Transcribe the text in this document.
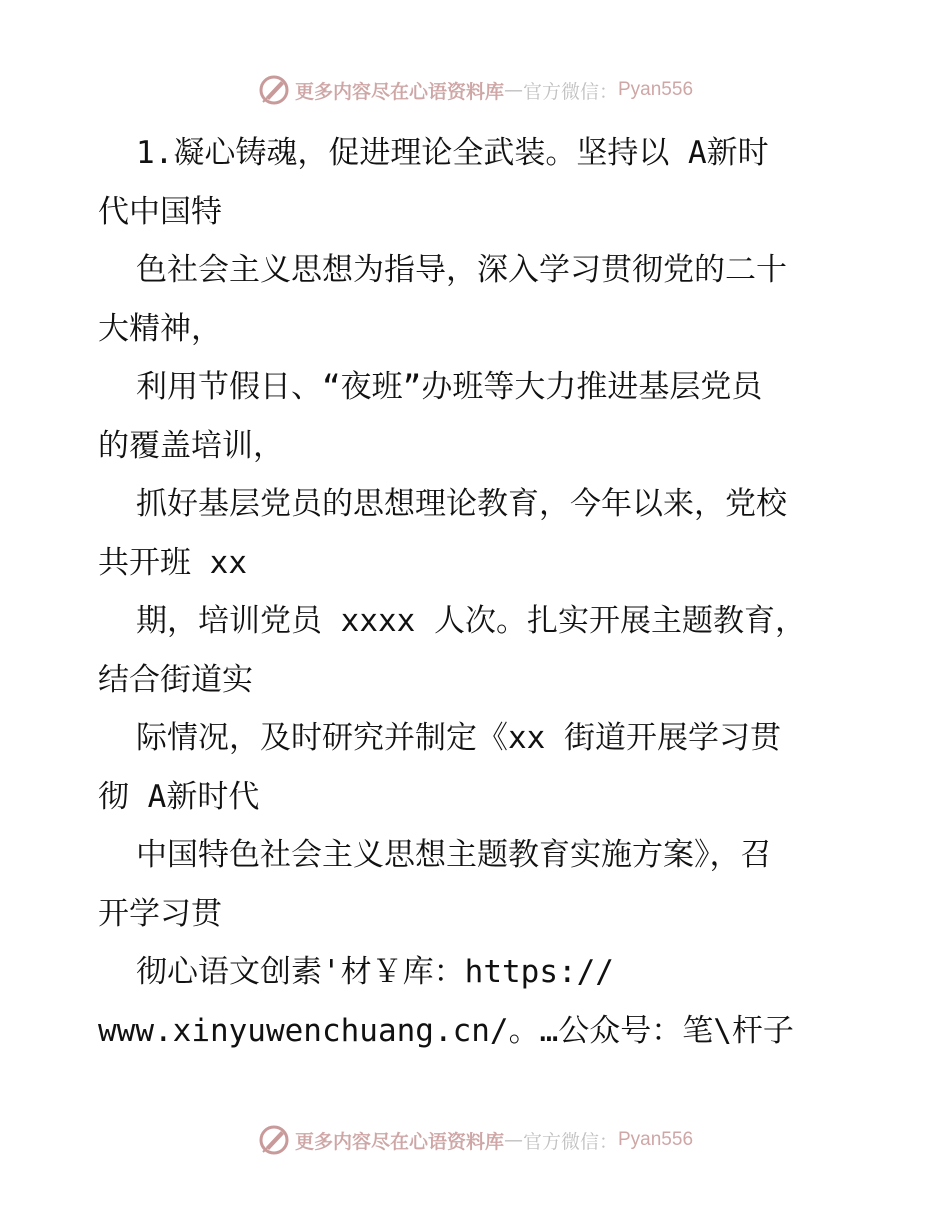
更多内容尽在心语资料库 — 官方微信： Pyan556
1.凝心铸魂，促进理论全武装。坚持以 A新时
代中国特
色社会主义思想为指导，深入学习贯彻党的二十
大精神，
利用节假日、“夜班”办班等大力推进基层党员
的覆盖培训，
抓好基层党员的思想理论教育，今年以来，党校
共开班 xx
期，培训党员 xxxx 人次。扎实开展主题教育，
结合街道实
际情况，及时研究并制定《xx 街道开展学习贯
彻 A新时代
中国特色社会主义思想主题教育实施方案》，召
开学习贯
彻心语文创素'材￥库：https://
www.xinyuwenchuang.cn/。…公众号：笔\杆子
更多内容尽在心语资料库 — 官方微信： Pyan556
